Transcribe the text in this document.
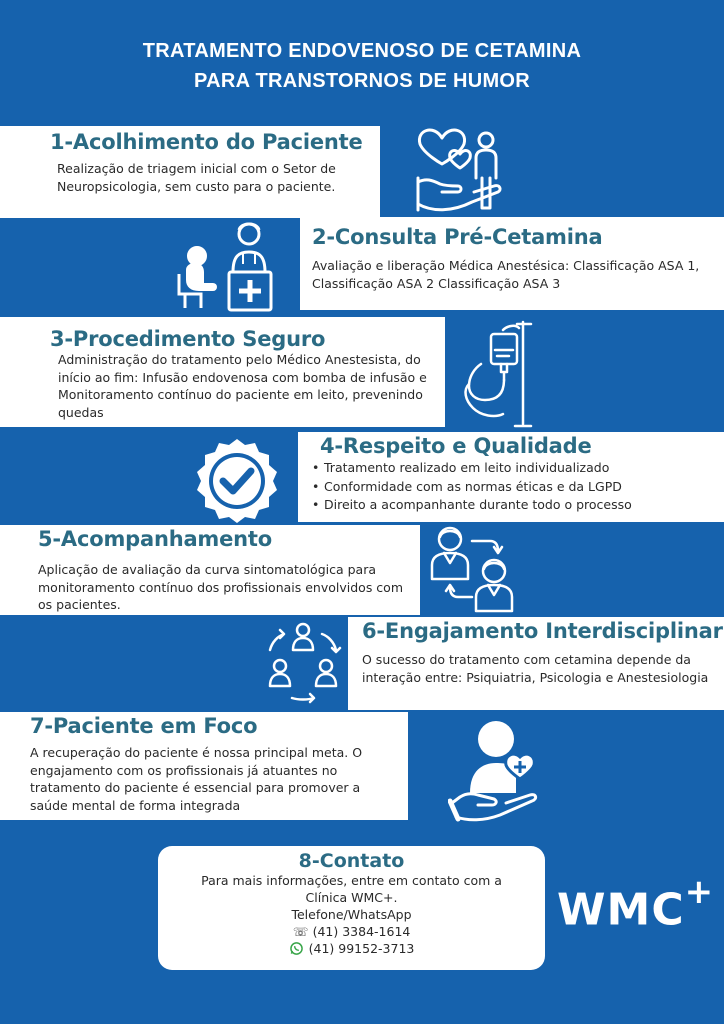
TRATAMENTO ENDOVENOSO DE CETAMINA
PARA TRANSTORNOS DE HUMOR
1-Acolhimento do Paciente

Realização de triagem inicial com o Setor de Neuropsicologia, sem custo para o paciente.

2-Consulta Pré-Cetamina

Avaliação e liberação Médica Anestésica: Classificação ASA 1, Classificação ASA 2 Classificação ASA 3

3-Procedimento Seguro

Administração do tratamento pelo Médico Anestesista, do início ao fim: Infusão endovenosa com bomba de infusão e Monitoramento contínuo do paciente em leito, prevenindo quedas

4-Respeito e Qualidade
• Tratamento realizado em leito individualizado
• Conformidade com as normas éticas e da LGPD
• Direito a acompanhante durante todo o processo
5-Acompanhamento

Aplicação de avaliação da curva sintomatológica para monitoramento contínuo dos profissionais envolvidos com os pacientes.

6-Engajamento Interdisciplinar

O sucesso do tratamento com cetamina depende da interação entre: Psiquiatria, Psicologia e Anestesiologia

7-Paciente em Foco

A recuperação do paciente é nossa principal meta. O engajamento com os profissionais já atuantes no tratamento do paciente é essencial para promover a saúde mental de forma integrada

8-Contato

Para mais informações, entre em contato com a

Clínica WMC+.

Telefone/WhatsApp

☏ (41) 3384-1614
(41) 99152-3713
WMC+
